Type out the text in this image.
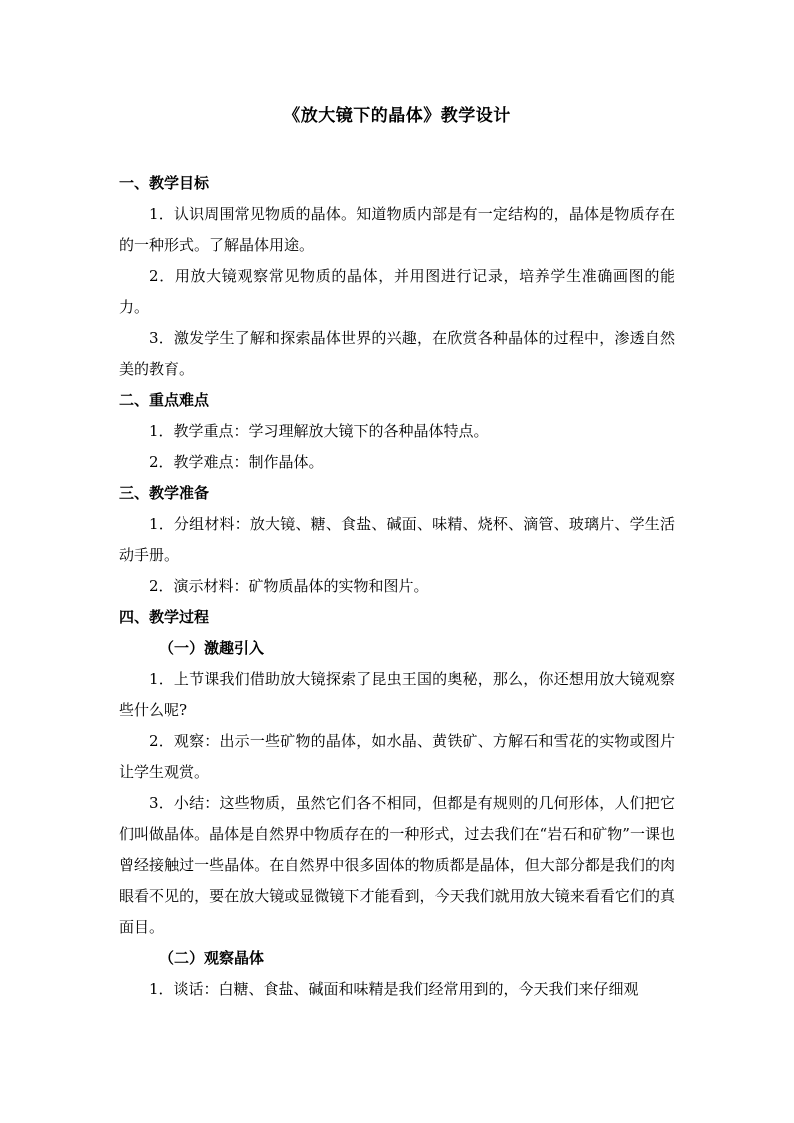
《放大镜下的晶体》教学设计
一、教学目标

1．认识周围常见物质的晶体。知道物质内部是有一定结构的，晶体是物质存在的一种形式。了解晶体用途。

2．用放大镜观察常见物质的晶体，并用图进行记录，培养学生准确画图的能力。

3．激发学生了解和探索晶体世界的兴趣，在欣赏各种晶体的过程中，渗透自然美的教育。

二、重点难点

1．教学重点：学习理解放大镜下的各种晶体特点。

2．教学难点：制作晶体。

三、教学准备

1．分组材料：放大镜、糖、食盐、碱面、味精、烧杯、滴管、玻璃片、学生活动手册。

2．演示材料：矿物质晶体的实物和图片。

四、教学过程
（一）激趣引入

1．上节课我们借助放大镜探索了昆虫王国的奥秘，那么，你还想用放大镜观察些什么呢?

2．观察：出示一些矿物的晶体，如水晶、黄铁矿、方解石和雪花的实物或图片让学生观赏。

3．小结：这些物质，虽然它们各不相同，但都是有规则的几何形体，人们把它们叫做晶体。晶体是自然界中物质存在的一种形式，过去我们在“岩石和矿物”一课也曾经接触过一些晶体。在自然界中很多固体的物质都是晶体，但大部分都是我们的肉眼看不见的，要在放大镜或显微镜下才能看到，今天我们就用放大镜来看看它们的真面目。

（二）观察晶体

1．谈话：白糖、食盐、碱面和味精是我们经常用到的，今天我们来仔细观
